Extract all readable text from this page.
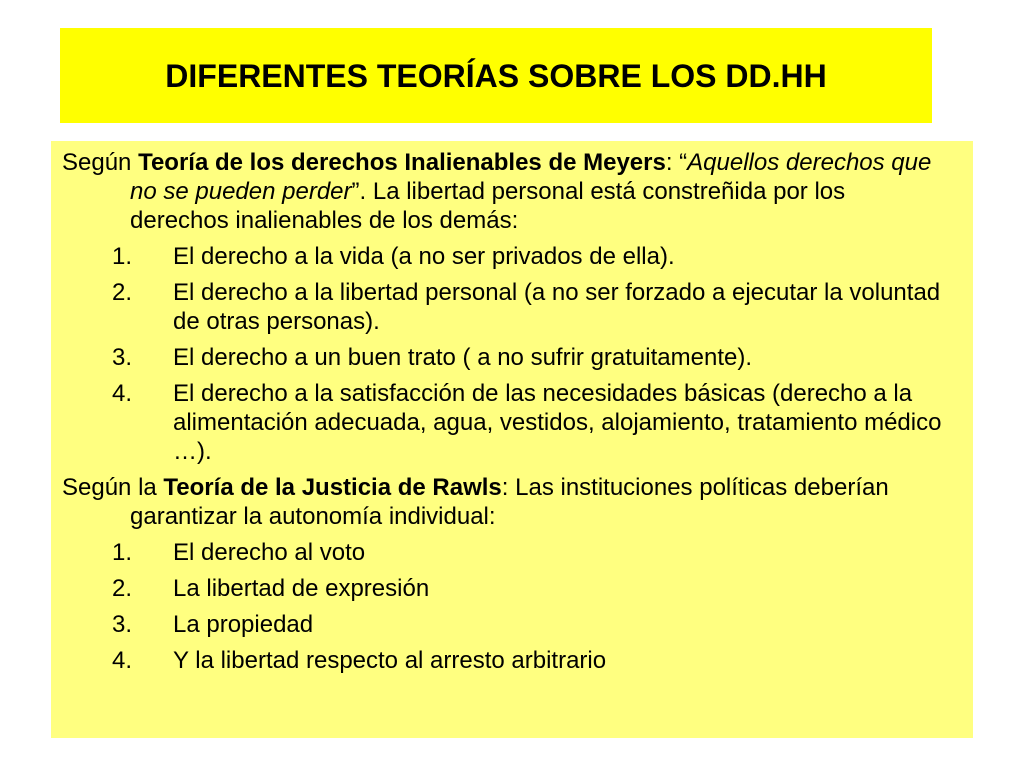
DIFERENTES TEORÍAS SOBRE LOS DD.HH

Según Teoría de los derechos Inalienables de Meyers: “Aquellos derechos que no se pueden perder”. La libertad personal está constreñida por los derechos inalienables de los demás:

1. El derecho a la vida (a no ser privados de ella).
2. El derecho a la libertad personal (a no ser forzado a ejecutar la voluntad de otras personas).
3. El derecho a un buen trato ( a no sufrir gratuitamente).
4. El derecho a la satisfacción de las necesidades básicas (derecho a la alimentación adecuada, agua, vestidos, alojamiento, tratamiento médico …).

Según la Teoría de la Justicia de Rawls: Las instituciones políticas deberían garantizar la autonomía individual:

1. El derecho al voto
2. La libertad de expresión
3. La propiedad
4. Y la libertad respecto al arresto arbitrario
